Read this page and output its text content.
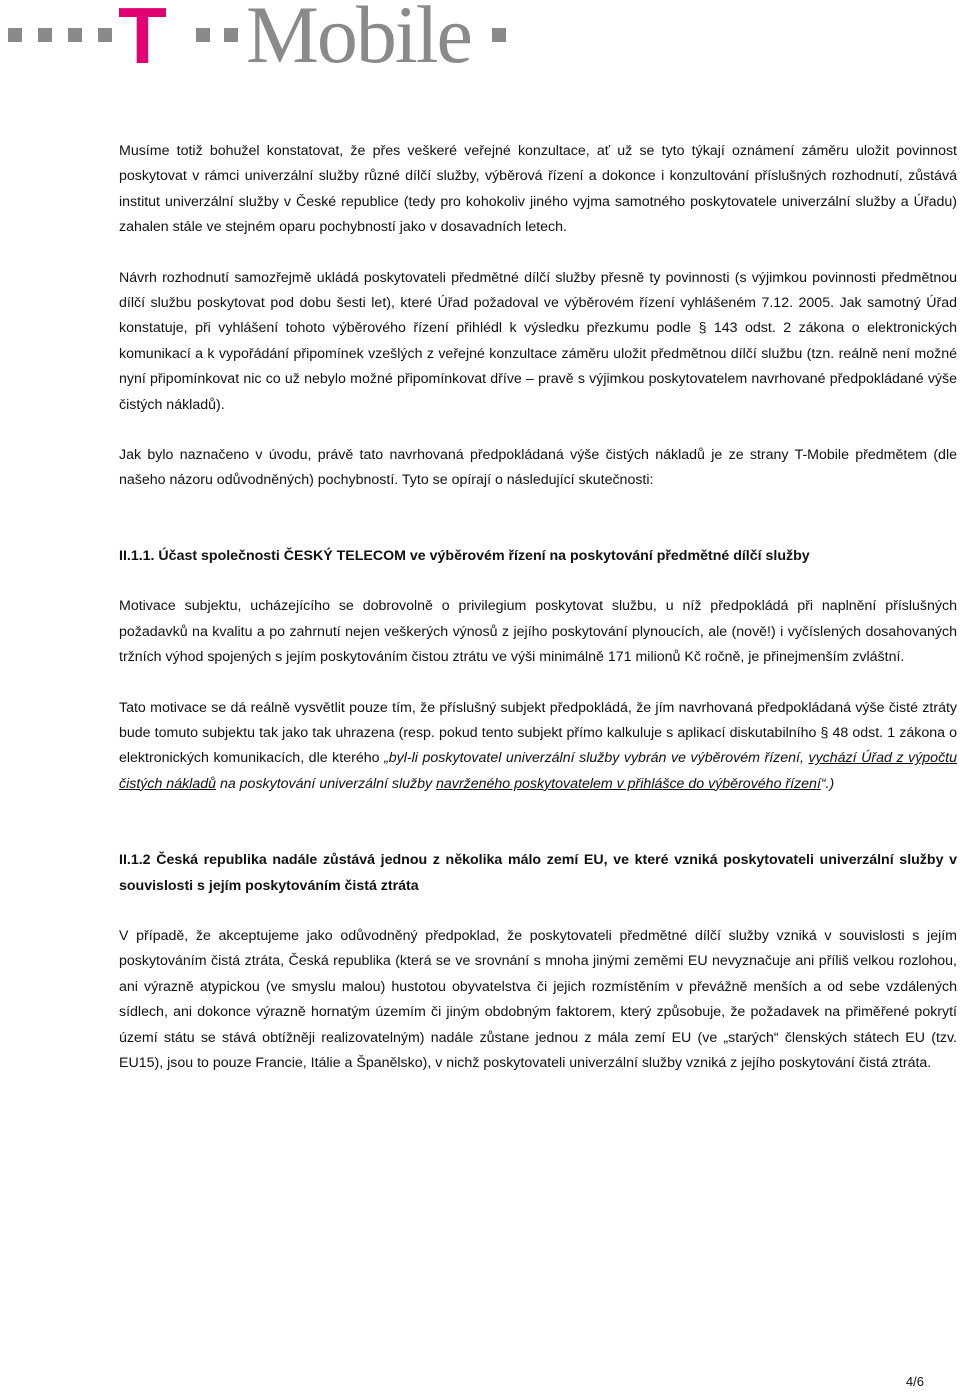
T Mobile

Musíme totiž bohužel konstatovat, že přes veškeré veřejné konzultace, ať už se tyto týkají oznámení záměru uložit povinnost poskytovat v rámci univerzální služby různé dílčí služby, výběrová řízení a dokonce i konzultování příslušných rozhodnutí, zůstává institut univerzální služby v České republice (tedy pro kohokoliv jiného vyjma samotného poskytovatele univerzální služby a Úřadu) zahalen stále ve stejném oparu pochybností jako v dosavadních letech.

Návrh rozhodnutí samozřejmě ukládá poskytovateli předmětné dílčí služby přesně ty povinnosti (s výjimkou povinnosti předmětnou dílčí službu poskytovat pod dobu šesti let), které Úřad požadoval ve výběrovém řízení vyhlášeném 7.12. 2005. Jak samotný Úřad konstatuje, při vyhlášení tohoto výběrového řízení přihlédl k výsledku přezkumu podle § 143 odst. 2 zákona o elektronických komunikací a k vypořádání připomínek vzešlých z veřejné konzultace záměru uložit předmětnou dílčí službu (tzn. reálně není možné nyní připomínkovat nic co už nebylo možné připomínkovat dříve – pravě s výjimkou poskytovatelem navrhované předpokládané výše čistých nákladů).

Jak bylo naznačeno v úvodu, právě tato navrhovaná předpokládaná výše čistých nákladů je ze strany T-Mobile předmětem (dle našeho názoru odůvodněných) pochybností. Tyto se opírají o následující skutečnosti:

II.1.1. Účast společnosti ČESKÝ TELECOM ve výběrovém řízení na poskytování předmětné dílčí služby

Motivace subjektu, ucházejícího se dobrovolně o privilegium poskytovat službu, u níž předpokládá při naplnění příslušných požadavků na kvalitu a po zahrnutí nejen veškerých výnosů z jejího poskytování plynoucích, ale (nově!) i vyčíslených dosahovaných tržních výhod spojených s jejím poskytováním čistou ztrátu ve výši minimálně 171 milionů Kč ročně, je přinejmenším zvláštní.

Tato motivace se dá reálně vysvětlit pouze tím, že příslušný subjekt předpokládá, že jím navrhovaná předpokládaná výše čisté ztráty bude tomuto subjektu tak jako tak uhrazena (resp. pokud tento subjekt přímo kalkuluje s aplikací diskutabilního § 48 odst. 1 zákona o elektronických komunikacích, dle kterého „byl-li poskytovatel univerzální služby vybrán ve výběrovém řízení, vychází Úřad z výpočtu čistých nákladů na poskytování univerzální služby navrženého poskytovatelem v přihlášce do výběrového řízení“.)

II.1.2 Česká republika nadále zůstává jednou z několika málo zemí EU, ve které vzniká poskytovateli univerzální služby v souvislosti s jejím poskytováním čistá ztráta

V případě, že akceptujeme jako odůvodněný předpoklad, že poskytovateli předmětné dílčí služby vzniká v souvislosti s jejím poskytováním čistá ztráta, Česká republika (která se ve srovnání s mnoha jinými zeměmi EU nevyznačuje ani příliš velkou rozlohou, ani výrazně atypickou (ve smyslu malou) hustotou obyvatelstva či jejich rozmístěním v převážně menších a od sebe vzdálených sídlech, ani dokonce výrazně hornatým územím či jiným obdobným faktorem, který způsobuje, že požadavek na přiměřené pokrytí území státu se stává obtížněji realizovatelným) nadále zůstane jednou z mála zemí EU (ve „starých“ členských státech EU (tzv. EU15), jsou to pouze Francie, Itálie a Španělsko), v nichž poskytovateli univerzální služby vzniká z jejího poskytování čistá ztráta.

4/6
